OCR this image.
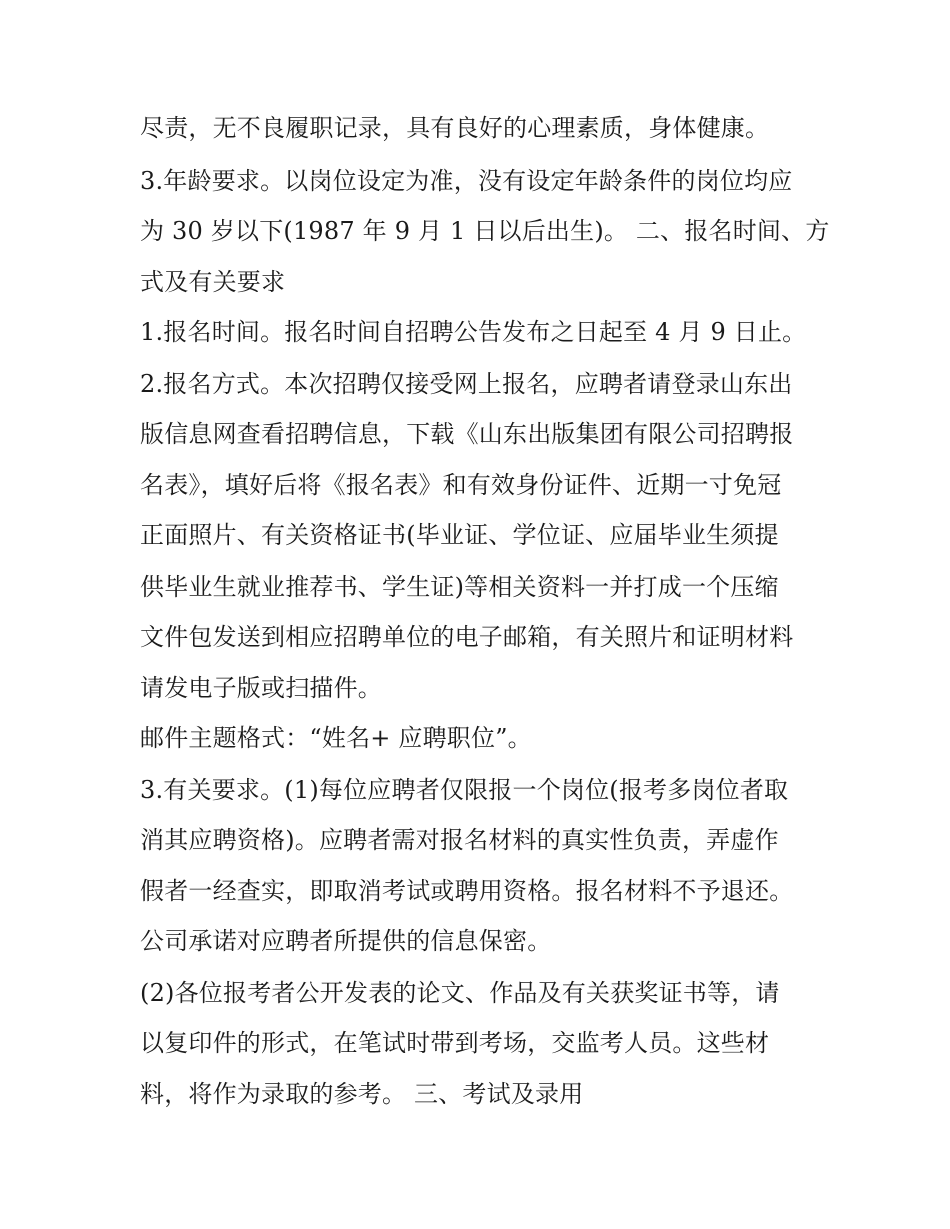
尽责，无不良履职记录，具有良好的心理素质，身体健康。
3.年龄要求。以岗位设定为准，没有设定年龄条件的岗位均应
为 30 岁以下(1987 年 9 月 1 日以后出生)。 二、报名时间、方
式及有关要求
1.报名时间。报名时间自招聘公告发布之日起至 4 月 9 日止。
2.报名方式。本次招聘仅接受网上报名，应聘者请登录山东出
版信息网查看招聘信息，下载《山东出版集团有限公司招聘报
名表》，填好后将《报名表》和有效身份证件、近期一寸免冠
正面照片、有关资格证书(毕业证、学位证、应届毕业生须提
供毕业生就业推荐书、学生证)等相关资料一并打成一个压缩
文件包发送到相应招聘单位的电子邮箱，有关照片和证明材料
请发电子版或扫描件。
邮件主题格式：“姓名+ 应聘职位”。
3.有关要求。(1)每位应聘者仅限报一个岗位(报考多岗位者取
消其应聘资格)。应聘者需对报名材料的真实性负责，弄虚作
假者一经查实，即取消考试或聘用资格。报名材料不予退还。
公司承诺对应聘者所提供的信息保密。
(2)各位报考者公开发表的论文、作品及有关获奖证书等，请
以复印件的形式，在笔试时带到考场，交监考人员。这些材
料，将作为录取的参考。 三、考试及录用
